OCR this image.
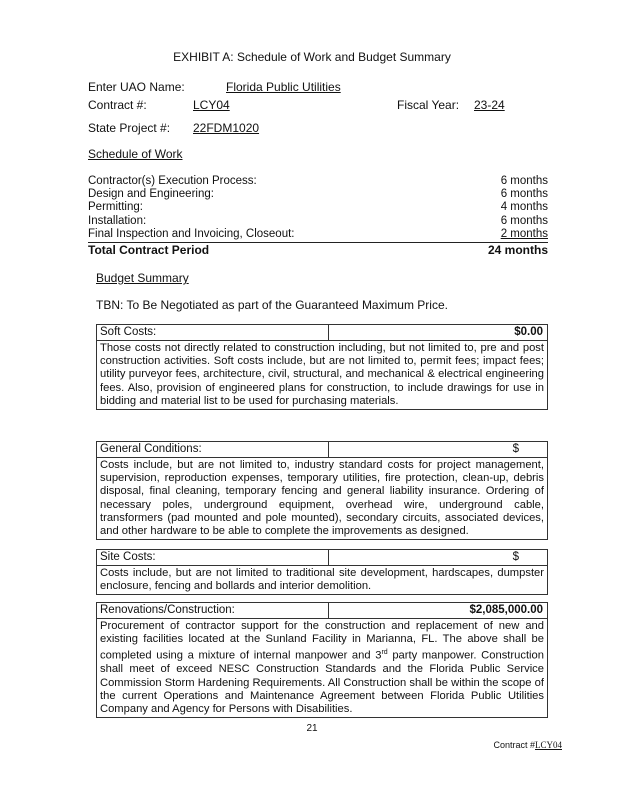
EXHIBIT A: Schedule of Work and Budget Summary
Enter UAO Name:	Florida Public Utilities
Contract #:	LCY04	Fiscal Year: 23-24
State Project #: 22FDM1020
Schedule of Work
Contractor(s) Execution Process:	6 months
Design and Engineering:	6 months
Permitting:	4 months
Installation:	6 months
Final Inspection and Invoicing, Closeout:	2 months
Total Contract Period	24 months
Budget Summary
TBN: To Be Negotiated as part of the Guaranteed Maximum Price.
Soft Costs:	$0.00
Those costs not directly related to construction including, but not limited to, pre and post construction activities. Soft costs include, but are not limited to, permit fees; impact fees; utility purveyor fees, architecture, civil, structural, and mechanical & electrical engineering fees. Also, provision of engineered plans for construction, to include drawings for use in bidding and material list to be used for purchasing materials.
General Conditions:	$
Costs include, but are not limited to, industry standard costs for project management, supervision, reproduction expenses, temporary utilities, fire protection, clean-up, debris disposal, final cleaning, temporary fencing and general liability insurance. Ordering of necessary poles, underground equipment, overhead wire, underground cable, transformers (pad mounted and pole mounted), secondary circuits, associated devices, and other hardware to be able to complete the improvements as designed.
Site Costs:	$
Costs include, but are not limited to traditional site development, hardscapes, dumpster enclosure, fencing and bollards and interior demolition.
Renovations/Construction:	$2,085,000.00
Procurement of contractor support for the construction and replacement of new and existing facilities located at the Sunland Facility in Marianna, FL. The above shall be completed using a mixture of internal manpower and 3rd party manpower. Construction shall meet of exceed NESC Construction Standards and the Florida Public Service Commission Storm Hardening Requirements. All Construction shall be within the scope of the current Operations and Maintenance Agreement between Florida Public Utilities Company and Agency for Persons with Disabilities.
21
Contract #LCY04
